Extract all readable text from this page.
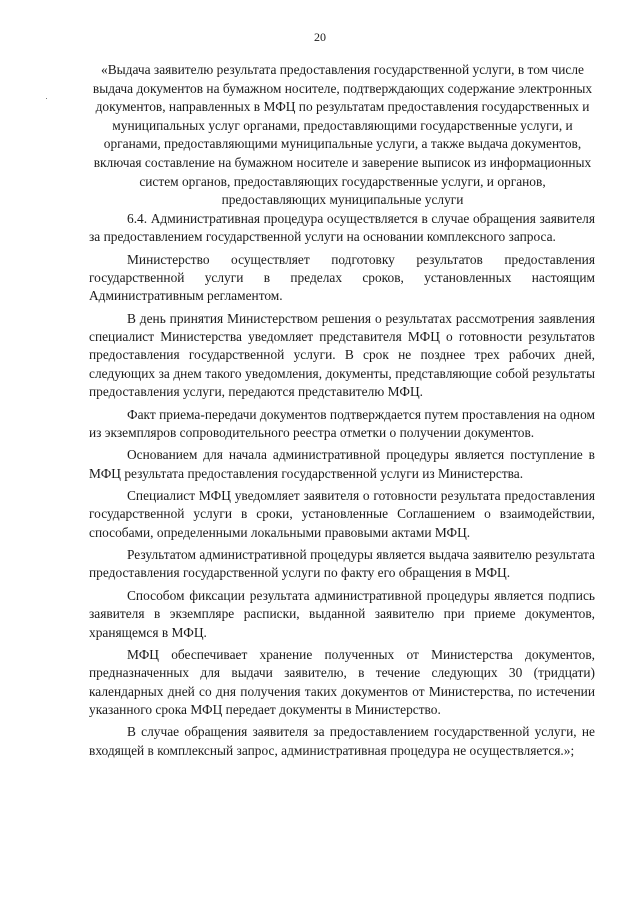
20
«Выдача заявителю результата предоставления государственной услуги, в том числе выдача документов на бумажном носителе, подтверждающих содержание электронных документов, направленных в МФЦ по результатам предоставления государственных и муниципальных услуг органами, предоставляющими государственные услуги, и органами, предоставляющими муниципальные услуги, а также выдача документов, включая составление на бумажном носителе и заверение выписок из информационных систем органов, предоставляющих государственные услуги, и органов, предоставляющих муниципальные услуги

6.4. Административная процедура осуществляется в случае обращения заявителя за предоставлением государственной услуги на основании комплексного запроса.

Министерство осуществляет подготовку результатов предоставления государственной услуги в пределах сроков, установленных настоящим Административным регламентом.

В день принятия Министерством решения о результатах рассмотрения заявления специалист Министерства уведомляет представителя МФЦ о готовности результатов предоставления государственной услуги. В срок не позднее трех рабочих дней, следующих за днем такого уведомления, документы, представляющие собой результаты предоставления услуги, передаются представителю МФЦ.

Факт приема-передачи документов подтверждается путем проставления на одном из экземпляров сопроводительного реестра отметки о получении документов.

Основанием для начала административной процедуры является поступление в МФЦ результата предоставления государственной услуги из Министерства.

Специалист МФЦ уведомляет заявителя о готовности результата предоставления государственной услуги в сроки, установленные Соглашением о взаимодействии, способами, определенными локальными правовыми актами МФЦ.

Результатом административной процедуры является выдача заявителю результата предоставления государственной услуги по факту его обращения в МФЦ.

Способом фиксации результата административной процедуры является подпись заявителя в экземпляре расписки, выданной заявителю при приеме документов, хранящемся в МФЦ.

МФЦ обеспечивает хранение полученных от Министерства документов, предназначенных для выдачи заявителю, в течение следующих 30 (тридцати) календарных дней со дня получения таких документов от Министерства, по истечении указанного срока МФЦ передает документы в Министерство.

В случае обращения заявителя за предоставлением государственной услуги, не входящей в комплексный запрос, административная процедура не осуществляется.»;
